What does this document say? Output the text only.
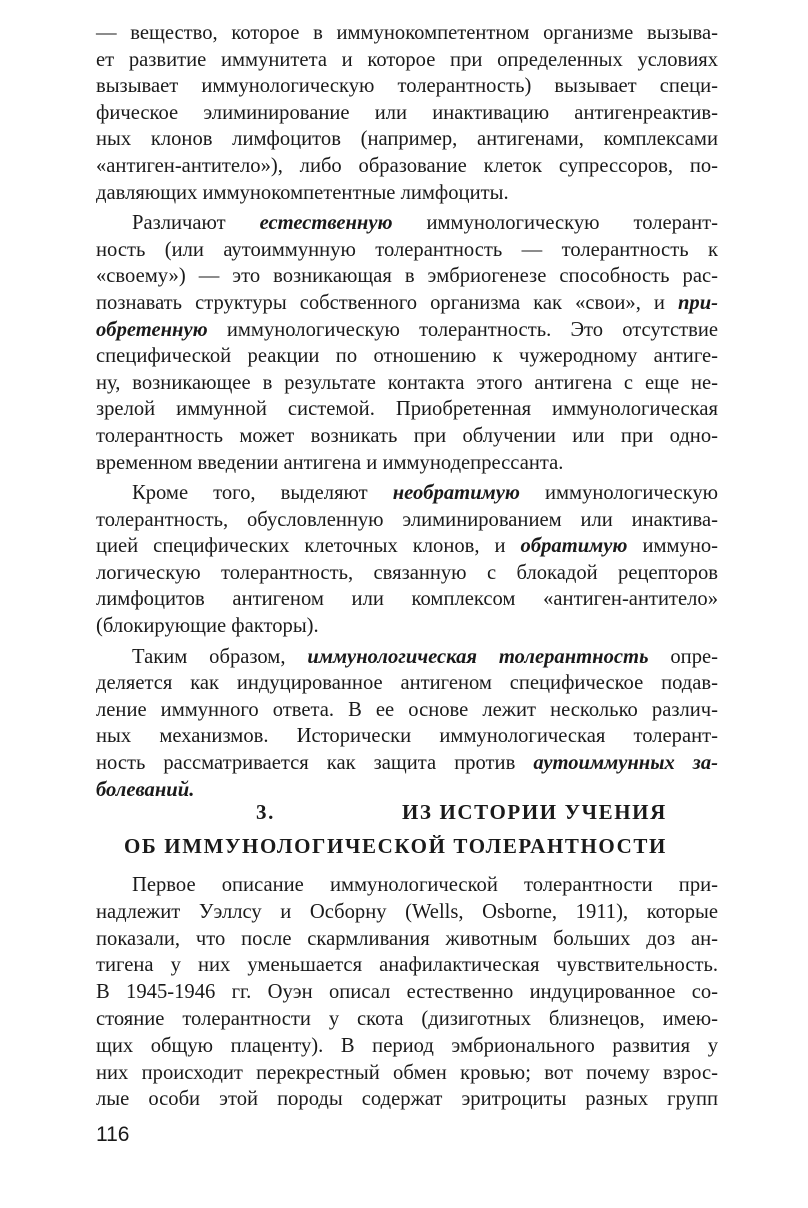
— вещество, которое в иммунокомпетентном организме вызыва-
ет развитие иммунитета и которое при определенных условиях
вызывает иммунологическую толерантность) вызывает специ-
фическое элиминирование или инактивацию антигенреактив-
ных клонов лимфоцитов (например, антигенами, комплексами
«антиген-антитело»), либо образование клеток супрессоров, по-
давляющих иммунокомпетентные лимфоциты.
Различают естественную иммунологическую толерант-
ность (или аутоиммунную толерантность — толерантность к
«своему») — это возникающая в эмбриогенезе способность рас-
познавать структуры собственного организма как «свои», и при-
обретенную иммунологическую толерантность. Это отсутствие
специфической реакции по отношению к чужеродному антиге-
ну, возникающее в результате контакта этого антигена с еще не-
зрелой иммунной системой. Приобретенная иммунологическая
толерантность может возникать при облучении или при одно-
временном введении антигена и иммунодепрессанта.
Кроме того, выделяют необратимую иммунологическую
толерантность, обусловленную элиминированием или инактива-
цией специфических клеточных клонов, и обратимую иммуно-
логическую толерантность, связанную с блокадой рецепторов
лимфоцитов антигеном или комплексом «антиген-антитело»
(блокирующие факторы).
Таким образом, иммунологическая толерантность опре-
деляется как индуцированное антигеном специфическое подав-
ление иммунного ответа. В ее основе лежит несколько различ-
ных механизмов. Исторически иммунологическая толерант-
ность рассматривается как защита против аутоиммунных за-
болеваний.
3.	ИЗ ИСТОРИИ УЧЕНИЯ
ОБ ИММУНОЛОГИЧЕСКОЙ ТОЛЕРАНТНОСТИ
Первое описание иммунологической толерантности при-
надлежит Уэллсу и Осборну (Wells, Osborne, 1911), которые
показали, что после скармливания животным больших доз ан-
тигена у них уменьшается анафилактическая чувствительность.
В 1945-1946 гг. Оуэн описал естественно индуцированное со-
стояние толерантности у скота (дизиготных близнецов, имею-
щих общую плаценту). В период эмбрионального развития у
них происходит перекрестный обмен кровью; вот почему взрос-
лые особи этой породы содержат эритроциты разных групп
116
